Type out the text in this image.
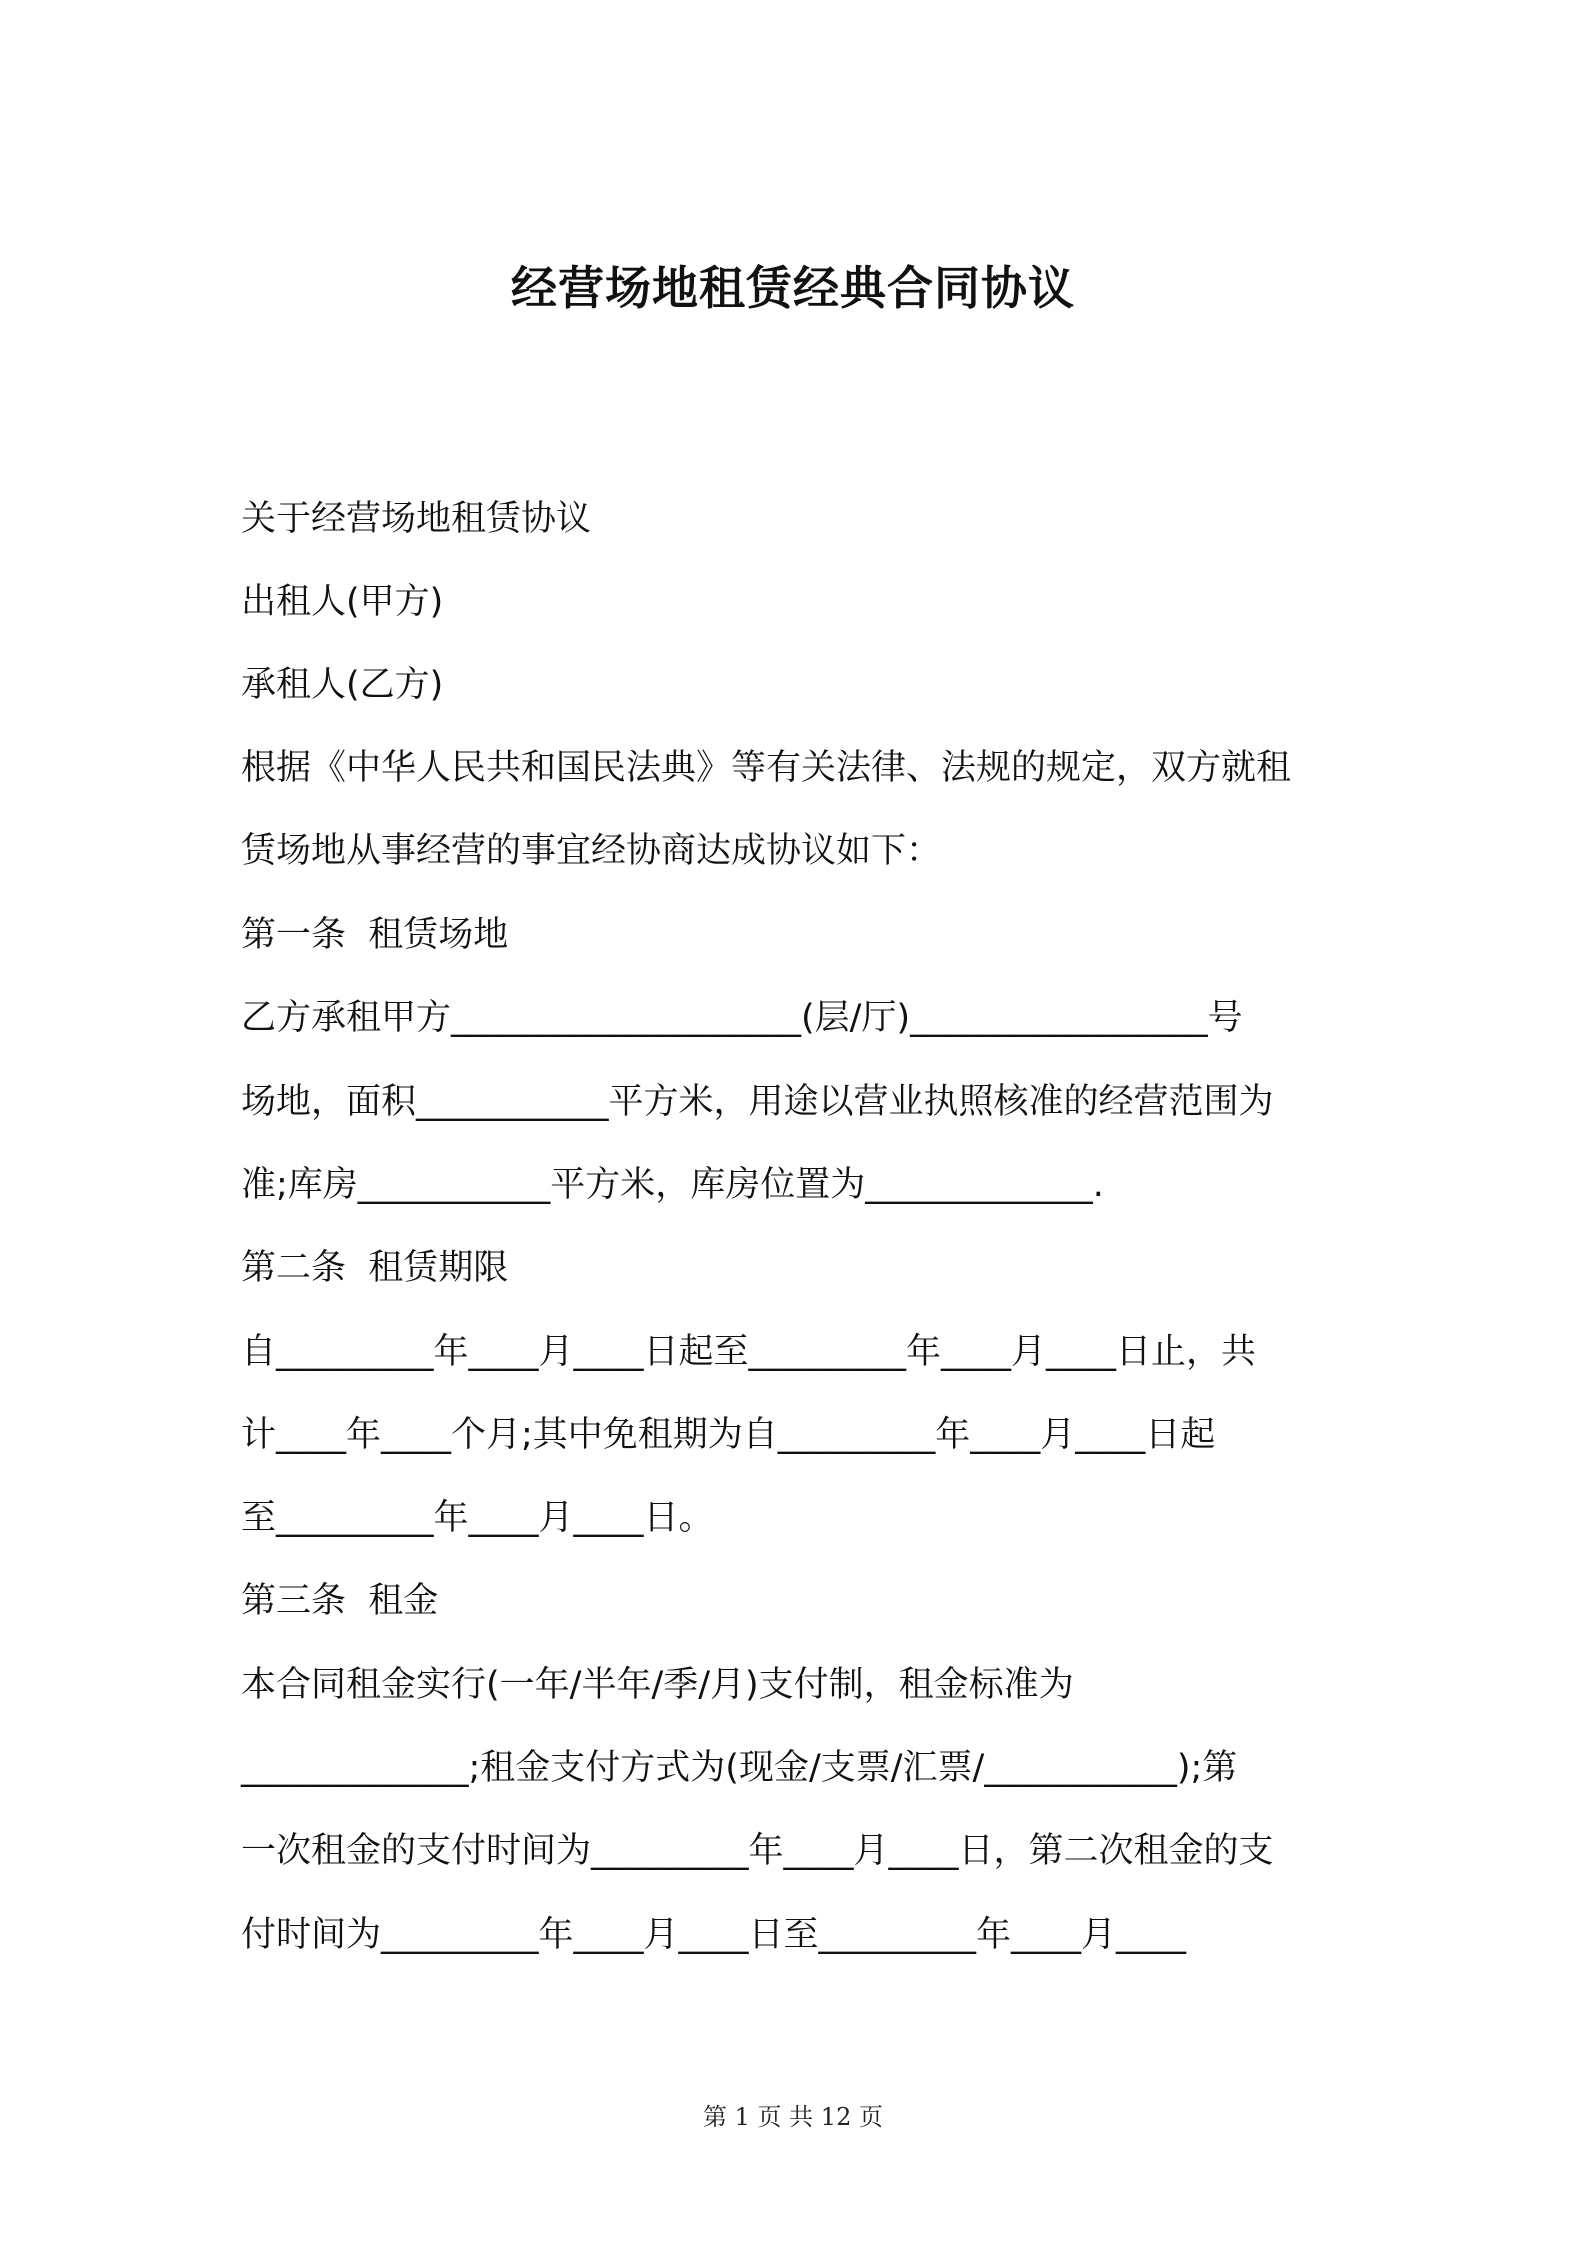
经营场地租赁经典合同协议
关于经营场地租赁协议
出租人(甲方)
承租人(乙方)
根据《中华人民共和国民法典》等有关法律、法规的规定，双方就租
赁场地从事经营的事宜经协商达成协议如下：
第一条  租赁场地
乙方承租甲方____________________(层/厅)_________________号
场地，面积___________平方米，用途以营业执照核准的经营范围为
准;库房___________平方米，库房位置为_____________.
第二条  租赁期限
自_________年____月____日起至_________年____月____日止，共
计____年____个月;其中免租期为自_________年____月____日起
至_________年____月____日。
第三条  租金
本合同租金实行(一年/半年/季/月)支付制，租金标准为
_____________;租金支付方式为(现金/支票/汇票/___________);第
一次租金的支付时间为_________年____月____日，第二次租金的支
付时间为_________年____月____日至_________年____月____
第 1 页 共 12 页
